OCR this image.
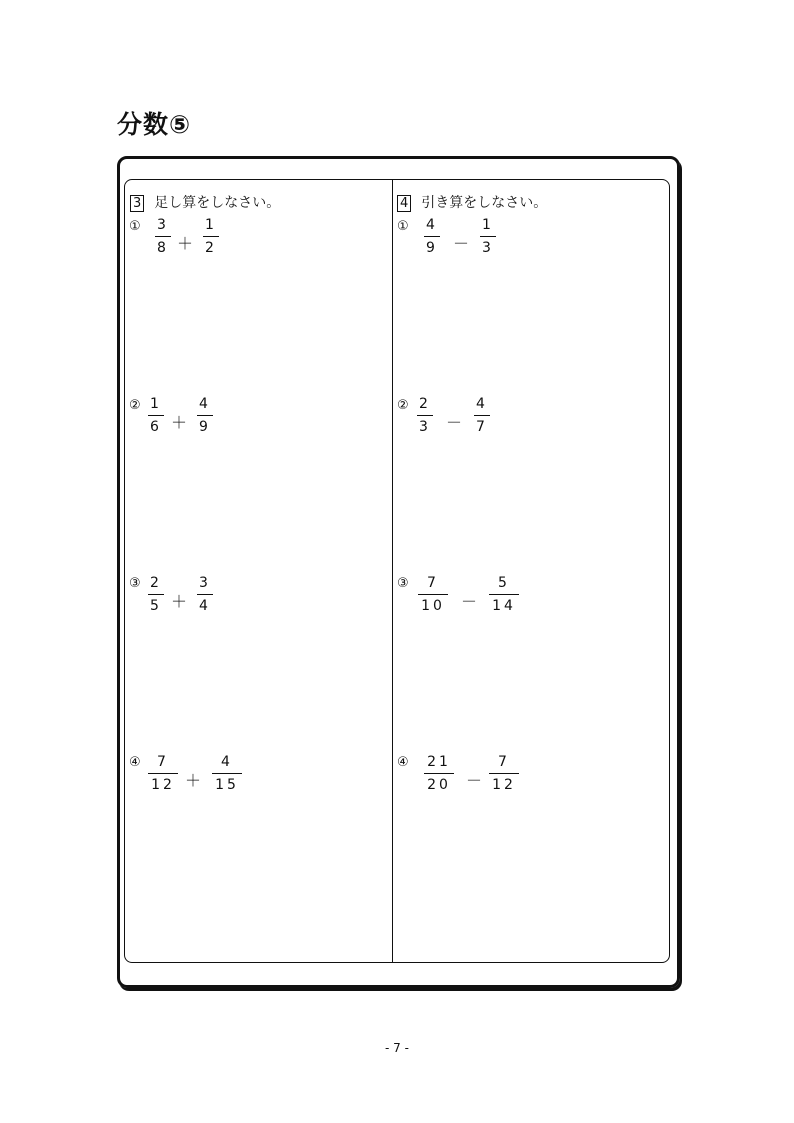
分数⑤
3 足し算をしなさい。
① 3
8 ＋
1
2
② 1
6 ＋
4
9
③ 2
5 ＋
3
4
④ 7
12 ＋
4
15
4 引き算をしなさい。
① 4
9 －
1
3
② 2
3 －
4
7
③ 7
10 －
5
14
④ 21
20 －
7
12
- 7 -
